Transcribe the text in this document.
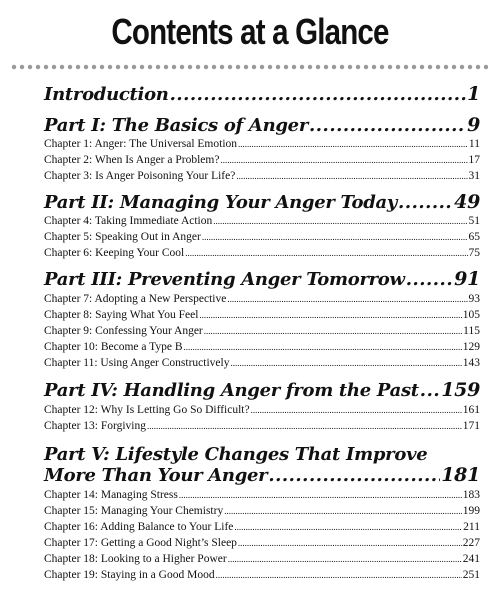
Contents at a Glance
Introduction .....	1
Part I: The Basics of Anger .....	9
Chapter 1: Anger: The Universal Emotion .....	11
Chapter 2: When Is Anger a Problem? .....	17
Chapter 3: Is Anger Poisoning Your Life? .....	31
Part II: Managing Your Anger Today .....	49
Chapter 4: Taking Immediate Action .....	51
Chapter 5: Speaking Out in Anger .....	65
Chapter 6: Keeping Your Cool .....	75
Part III: Preventing Anger Tomorrow .....	91
Chapter 7: Adopting a New Perspective .....	93
Chapter 8: Saying What You Feel .....	105
Chapter 9: Confessing Your Anger .....	115
Chapter 10: Become a Type B .....	129
Chapter 11: Using Anger Constructively .....	143
Part IV: Handling Anger from the Past ..... 159
Chapter 12: Why Is Letting Go So Difficult? .....	161
Chapter 13: Forgiving .....	171
Part V: Lifestyle Changes That Improve
More Than Your Anger .....	181
Chapter 14: Managing Stress .....	183
Chapter 15: Managing Your Chemistry .....	199
Chapter 16: Adding Balance to Your Life .....	211
Chapter 17: Getting a Good Night’s Sleep .....	227
Chapter 18: Looking to a Higher Power .....	241
Chapter 19: Staying in a Good Mood .....	251
